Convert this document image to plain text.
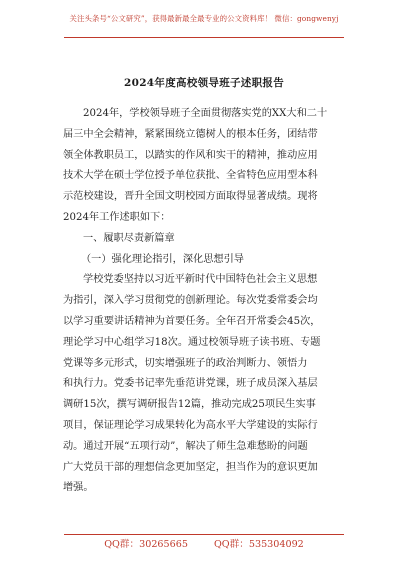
关注头条号“公文研究”，获得最新最全最专业的公文资料库！ 微信：gongwenyj
2024年度高校领导班子述职报告
2024年，学校领导班子全面贯彻落实党的XX大和二十
届三中全会精神，紧紧围绕立德树人的根本任务，团结带
领全体教职员工，以踏实的作风和实干的精神，推动应用
技术大学在硕士学位授予单位获批、全省特色应用型本科
示范校建设，晋升全国文明校园方面取得显著成绩。现将
2024年工作述职如下：
一、履职尽责新篇章
（一）强化理论指引，深化思想引导
学校党委坚持以习近平新时代中国特色社会主义思想
为指引，深入学习贯彻党的创新理论。每次党委常委会均
以学习重要讲话精神为首要任务。全年召开常委会45次，
理论学习中心组学习18次。通过校领导班子读书班、专题
党课等多元形式，切实增强班子的政治判断力、领悟力
和执行力。党委书记率先垂范讲党课，班子成员深入基层
调研15次，撰写调研报告12篇，推动完成25项民生实事
项目，保证理论学习成果转化为高水平大学建设的实际行
动。通过开展“五项行动”，解决了师生急难愁盼的问题
广大党员干部的理想信念更加坚定，担当作为的意识更加
增强。
QQ群：30265665	QQ群：535304092
